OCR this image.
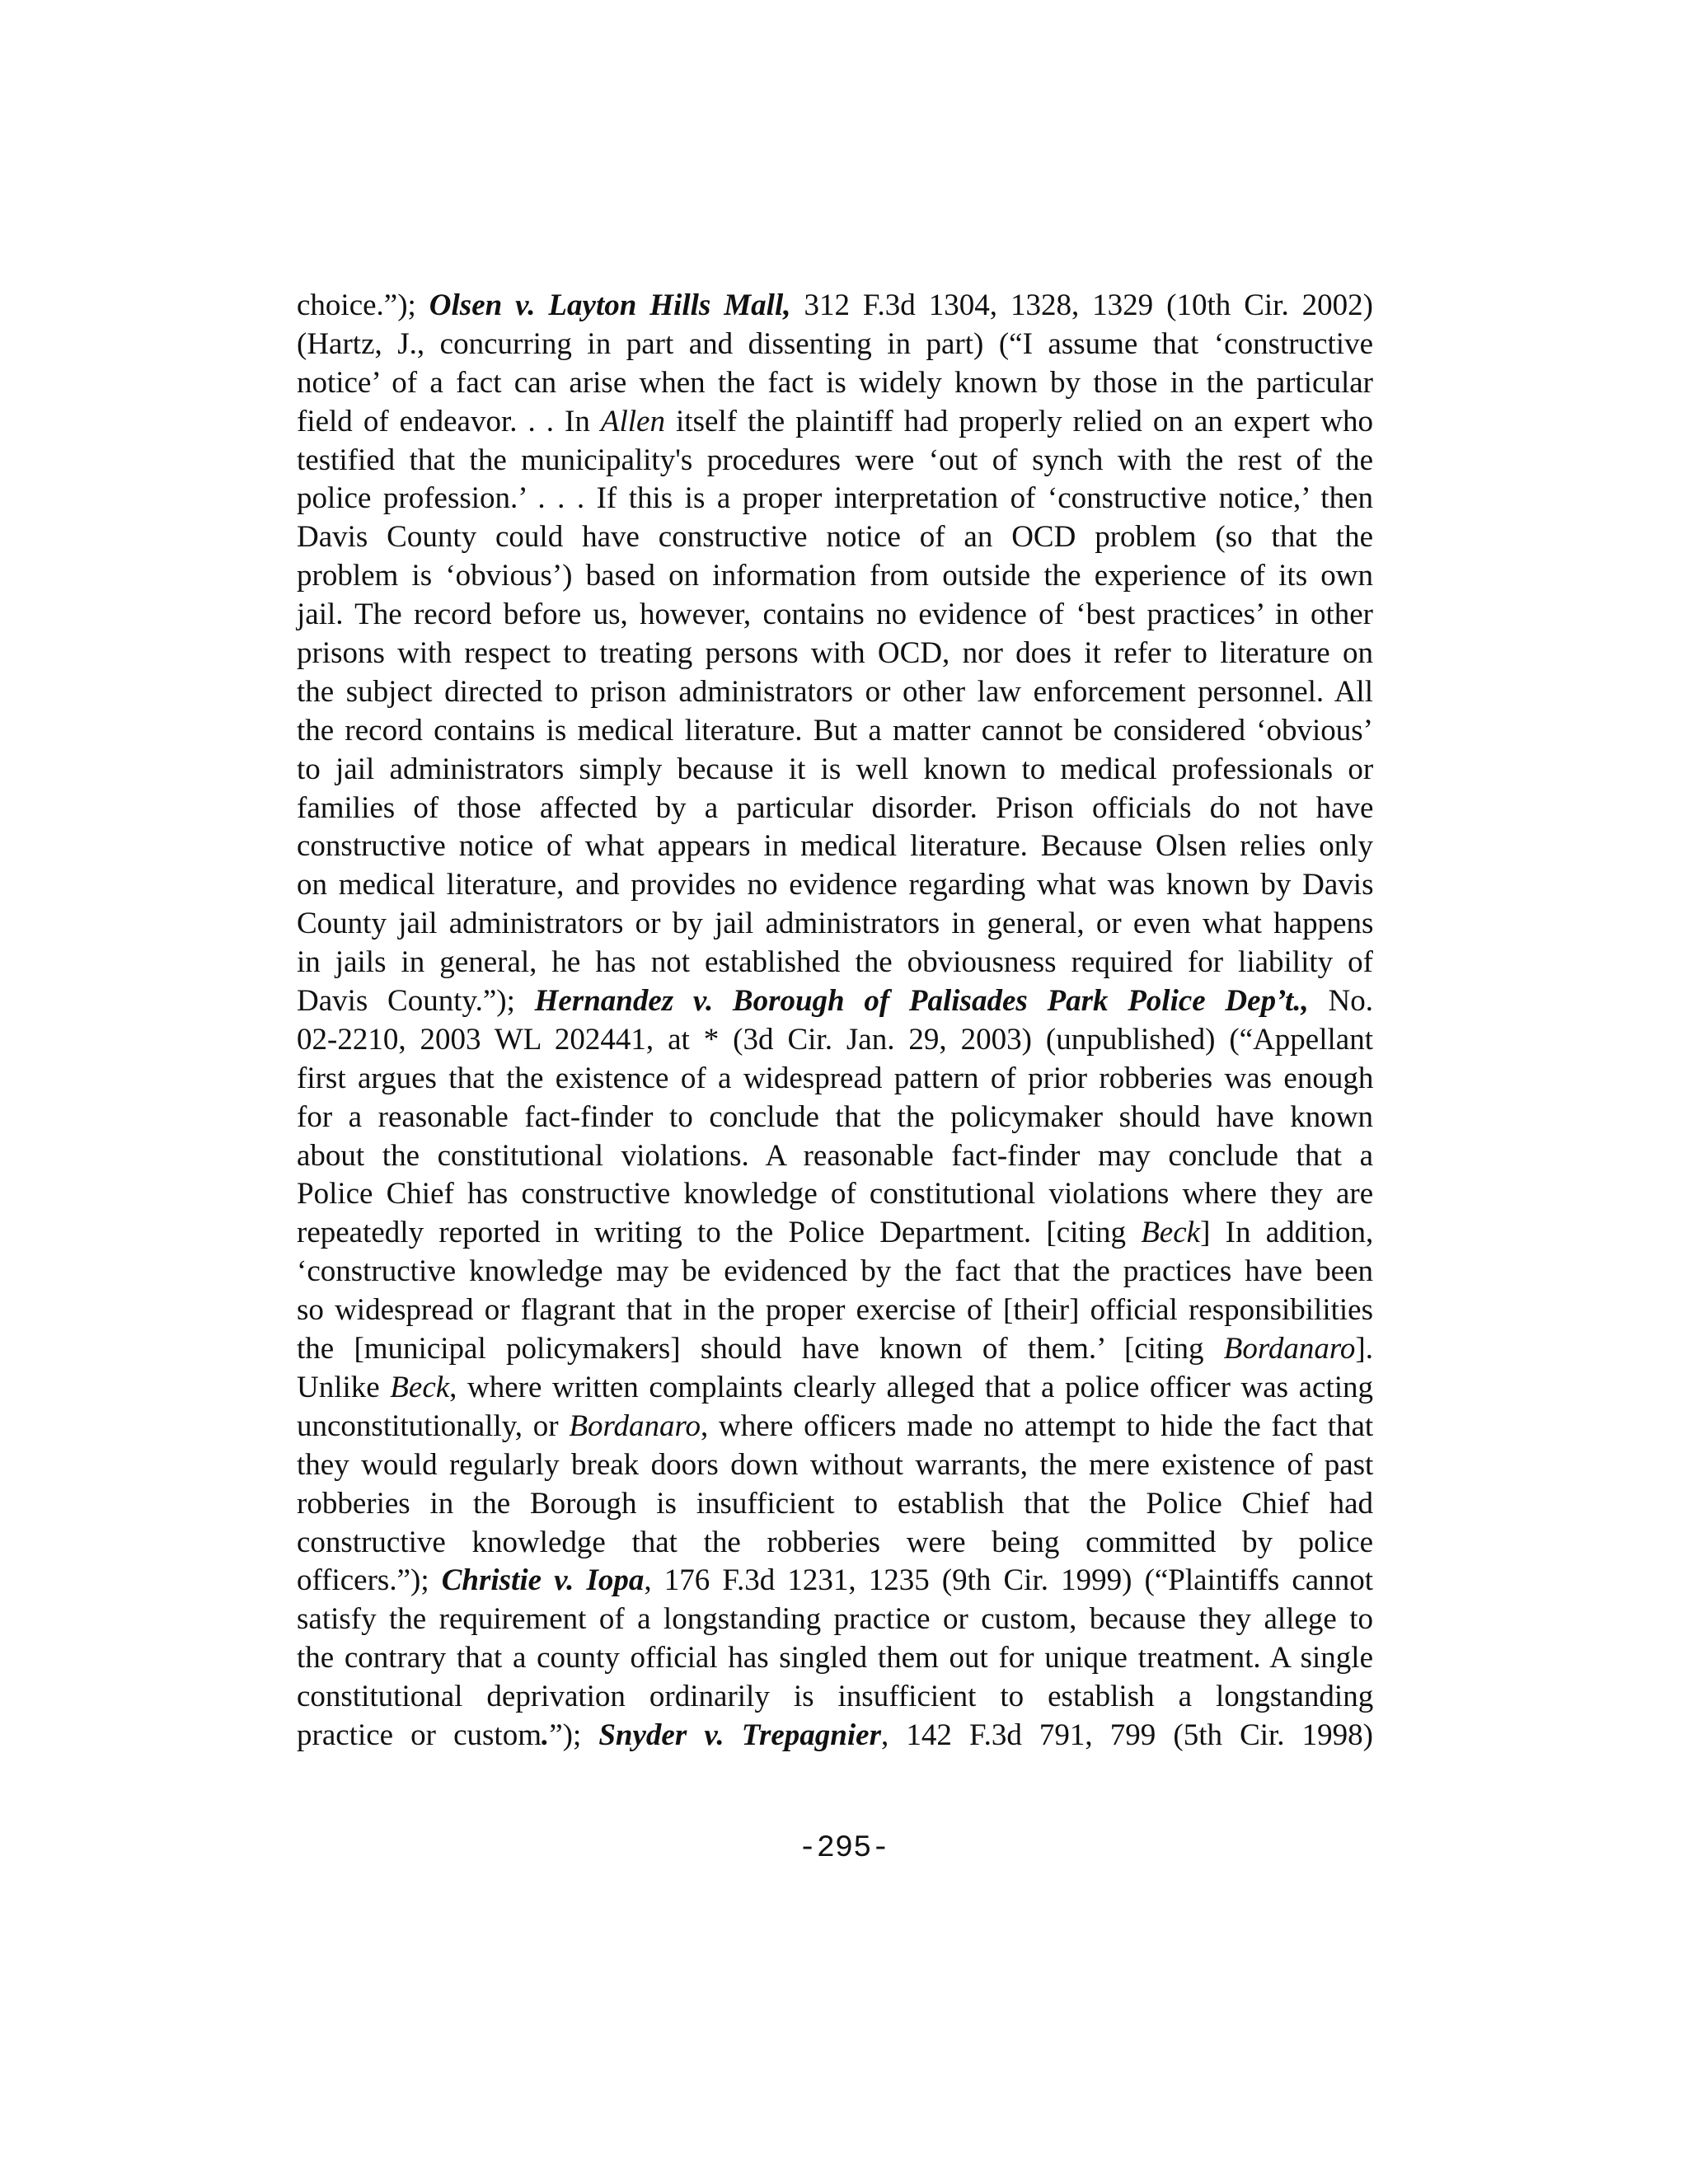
choice.”); Olsen v. Layton Hills Mall, 312 F.3d 1304, 1328, 1329 (10th Cir. 2002)
(Hartz, J., concurring in part and dissenting in part) (“I assume that ‘constructive
notice’ of a fact can arise when the fact is widely known by those in the particular
field of endeavor. . . In Allen itself the plaintiff had properly relied on an expert who
testified that the municipality's procedures were ‘out of synch with the rest of the
police profession.’ . . . If this is a proper interpretation of ‘constructive notice,’ then
Davis County could have constructive notice of an OCD problem (so that the
problem is ‘obvious’) based on information from outside the experience of its own
jail. The record before us, however, contains no evidence of ‘best practices’ in other
prisons with respect to treating persons with OCD, nor does it refer to literature on
the subject directed to prison administrators or other law enforcement personnel. All
the record contains is medical literature. But a matter cannot be considered ‘obvious’
to jail administrators simply because it is well known to medical professionals or
families of those affected by a particular disorder. Prison officials do not have
constructive notice of what appears in medical literature. Because Olsen relies only
on medical literature, and provides no evidence regarding what was known by Davis
County jail administrators or by jail administrators in general, or even what happens
in jails in general, he has not established the obviousness required for liability of
Davis County.”); Hernandez v. Borough of Palisades Park Police Dep’t., No.
02-2210, 2003 WL 202441, at * (3d Cir. Jan. 29, 2003) (unpublished) (“Appellant
first argues that the existence of a widespread pattern of prior robberies was enough
for a reasonable fact-finder to conclude that the policymaker should have known
about the constitutional violations. A reasonable fact-finder may conclude that a
Police Chief has constructive knowledge of constitutional violations where they are
repeatedly reported in writing to the Police Department. [citing Beck] In addition,
‘constructive knowledge may be evidenced by the fact that the practices have been
so widespread or flagrant that in the proper exercise of [their] official responsibilities
the [municipal policymakers] should have known of them.’ [citing Bordanaro].
Unlike Beck, where written complaints clearly alleged that a police officer was acting
unconstitutionally, or Bordanaro, where officers made no attempt to hide the fact that
they would regularly break doors down without warrants, the mere existence of past
robberies in the Borough is insufficient to establish that the Police Chief had
constructive knowledge that the robberies were being committed by police
officers.”); Christie v. Iopa, 176 F.3d 1231, 1235 (9th Cir. 1999) (“Plaintiffs cannot
satisfy the requirement of a longstanding practice or custom, because they allege to
the contrary that a county official has singled them out for unique treatment. A single
constitutional deprivation ordinarily is insufficient to establish a longstanding
practice or custom.”); Snyder v. Trepagnier, 142 F.3d 791, 799 (5th Cir. 1998)

-295-
